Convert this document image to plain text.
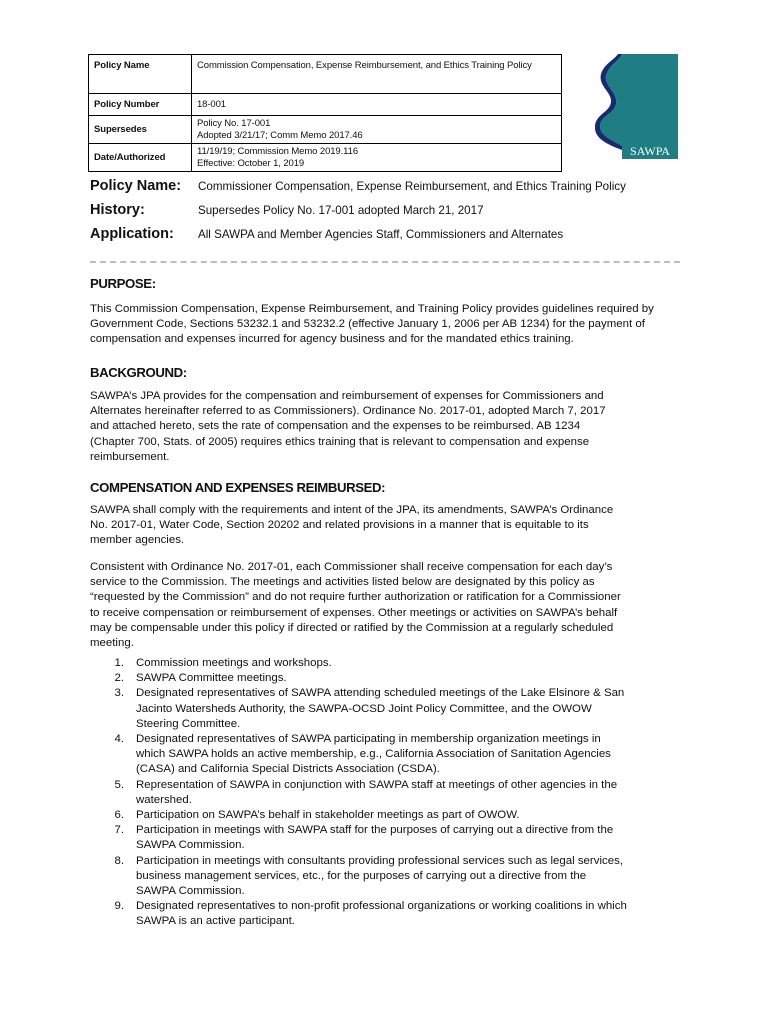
Policy Name	Commission Compensation, Expense Reimbursement, and Ethics Training Policy
Policy Number	18-001
Supersedes	Policy No. 17-001
Adopted 3/21/17; Comm Memo 2017.46

Date/Authorized	11/19/19; Commission Memo 2019.116
Effective: October 1, 2019
SAWPA
Policy Name: Commissioner Compensation, Expense Reimbursement, and Ethics Training Policy
History:	Supersedes Policy No. 17-001 adopted March 21, 2017
Application: All SAWPA and Member Agencies Staff, Commissioners and Alternates
PURPOSE:
This Commission Compensation, Expense Reimbursement, and Training Policy provides guidelines required by
Government Code, Sections 53232.1 and 53232.2 (effective January 1, 2006 per AB 1234) for the payment of
compensation and expenses incurred for agency business and for the mandated ethics training.
BACKGROUND:
SAWPA’s JPA provides for the compensation and reimbursement of expenses for Commissioners and
Alternates hereinafter referred to as Commissioners). Ordinance No. 2017-01, adopted March 7, 2017
and attached hereto, sets the rate of compensation and the expenses to be reimbursed. AB 1234
(Chapter 700, Stats. of 2005) requires ethics training that is relevant to compensation and expense
reimbursement.
COMPENSATION AND EXPENSES REIMBURSED:
SAWPA shall comply with the requirements and intent of the JPA, its amendments, SAWPA’s Ordinance
No. 2017-01, Water Code, Section 20202 and related provisions in a manner that is equitable to its
member agencies.
Consistent with Ordinance No. 2017-01, each Commissioner shall receive compensation for each day’s
service to the Commission. The meetings and activities listed below are designated by this policy as
“requested by the Commission” and do not require further authorization or ratification for a Commissioner
to receive compensation or reimbursement of expenses. Other meetings or activities on SAWPA’s behalf
may be compensable under this policy if directed or ratified by the Commission at a regularly scheduled
meeting.
1. Commission meetings and workshops.
2. SAWPA Committee meetings.
3. Designated representatives of SAWPA attending scheduled meetings of the Lake Elsinore & San
Jacinto Watersheds Authority, the SAWPA-OCSD Joint Policy Committee, and the OWOW
Steering Committee.
4. Designated representatives of SAWPA participating in membership organization meetings in
which SAWPA holds an active membership, e.g., California Association of Sanitation Agencies
(CASA) and California Special Districts Association (CSDA).
5. Representation of SAWPA in conjunction with SAWPA staff at meetings of other agencies in the
watershed.
6. Participation on SAWPA’s behalf in stakeholder meetings as part of OWOW.
7. Participation in meetings with SAWPA staff for the purposes of carrying out a directive from the
SAWPA Commission.
8. Participation in meetings with consultants providing professional services such as legal services,
business management services, etc., for the purposes of carrying out a directive from the
SAWPA Commission.
9. Designated representatives to non-profit professional organizations or working coalitions in which
SAWPA is an active participant.
